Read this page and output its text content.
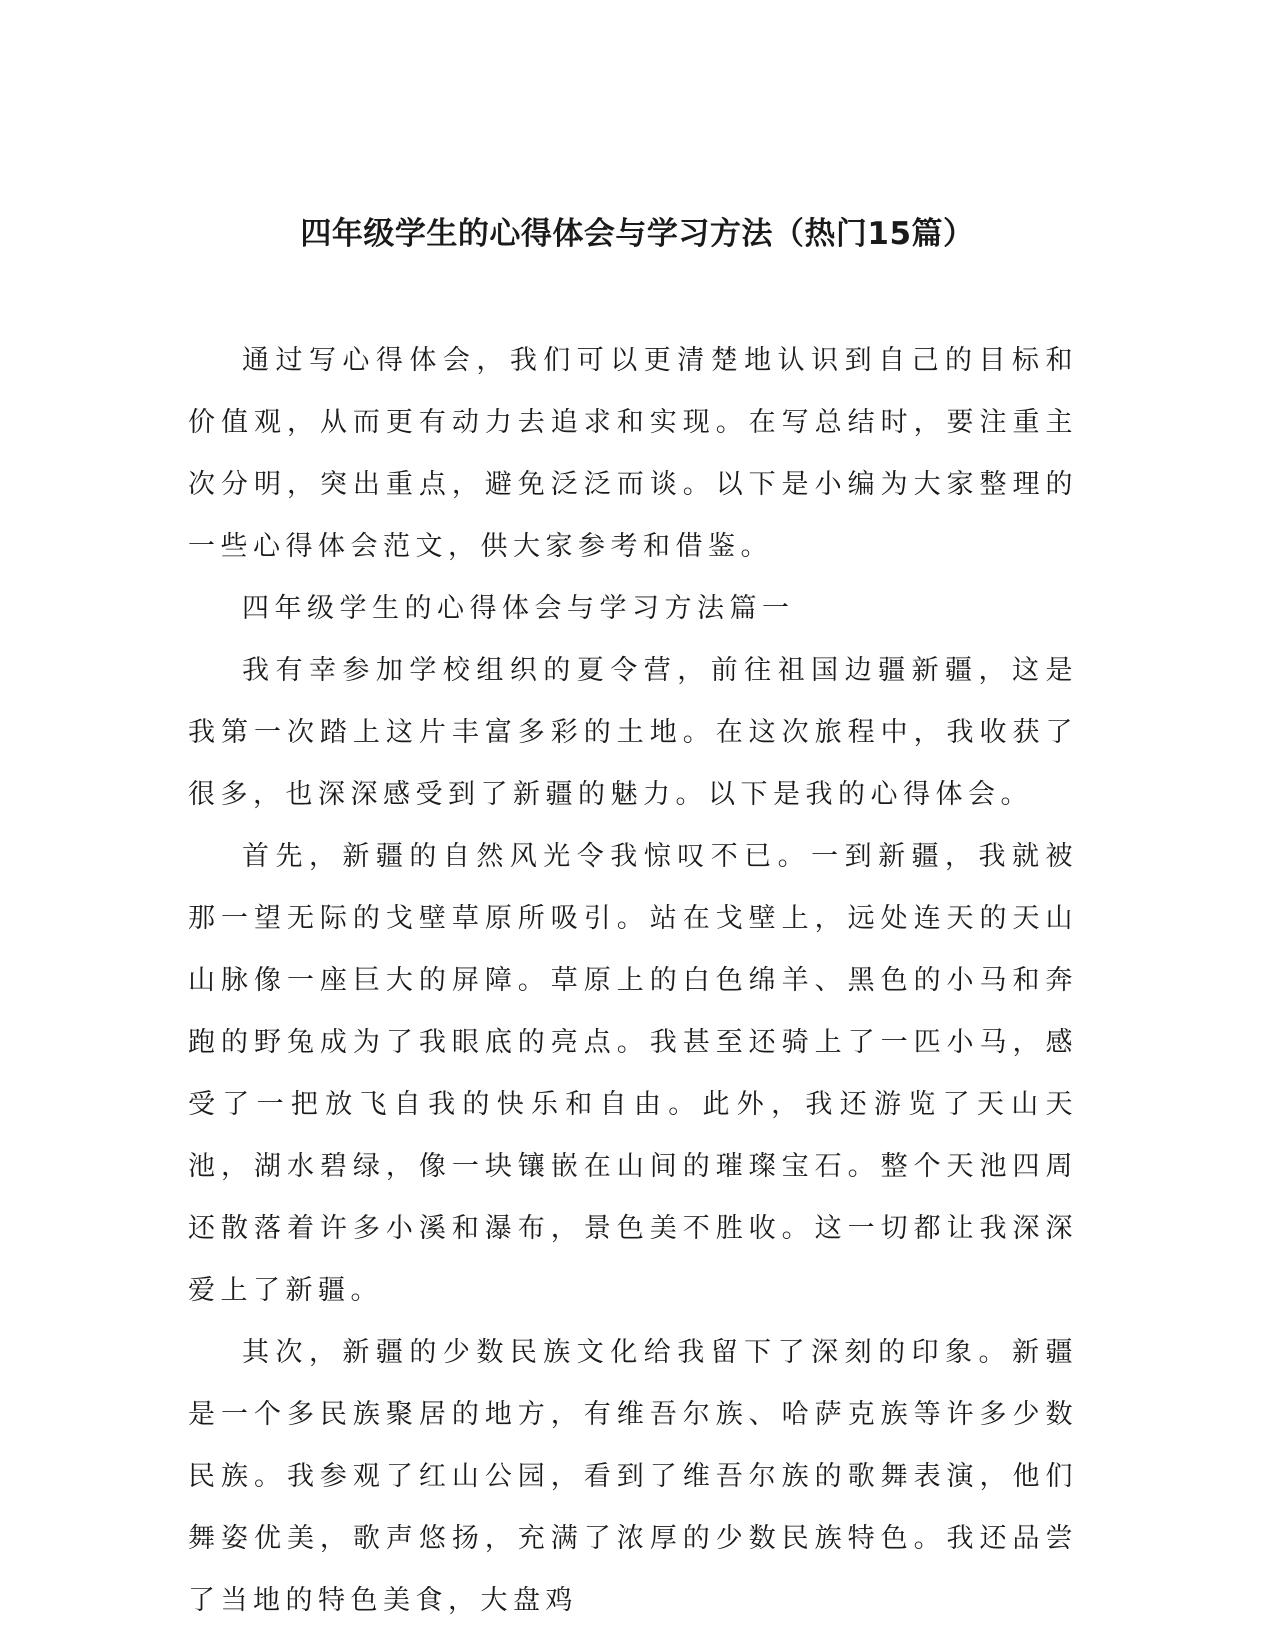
四年级学生的心得体会与学习方法（热门15篇）

通过写心得体会，我们可以更清楚地认识到自己的目标和价值观，从而更有动力去追求和实现。在写总结时，要注重主次分明，突出重点，避免泛泛而谈。以下是小编为大家整理的一些心得体会范文，供大家参考和借鉴。

四年级学生的心得体会与学习方法篇一

我有幸参加学校组织的夏令营，前往祖国边疆新疆，这是我第一次踏上这片丰富多彩的土地。在这次旅程中，我收获了很多，也深深感受到了新疆的魅力。以下是我的心得体会。

首先，新疆的自然风光令我惊叹不已。一到新疆，我就被那一望无际的戈壁草原所吸引。站在戈壁上，远处连天的天山山脉像一座巨大的屏障。草原上的白色绵羊、黑色的小马和奔跑的野兔成为了我眼底的亮点。我甚至还骑上了一匹小马，感受了一把放飞自我的快乐和自由。此外，我还游览了天山天池，湖水碧绿，像一块镶嵌在山间的璀璨宝石。整个天池四周还散落着许多小溪和瀑布，景色美不胜收。这一切都让我深深爱上了新疆。

其次，新疆的少数民族文化给我留下了深刻的印象。新疆是一个多民族聚居的地方，有维吾尔族、哈萨克族等许多少数民族。我参观了红山公园，看到了维吾尔族的歌舞表演，他们舞姿优美，歌声悠扬，充满了浓厚的少数民族特色。我还品尝了当地的特色美食，大盘鸡
